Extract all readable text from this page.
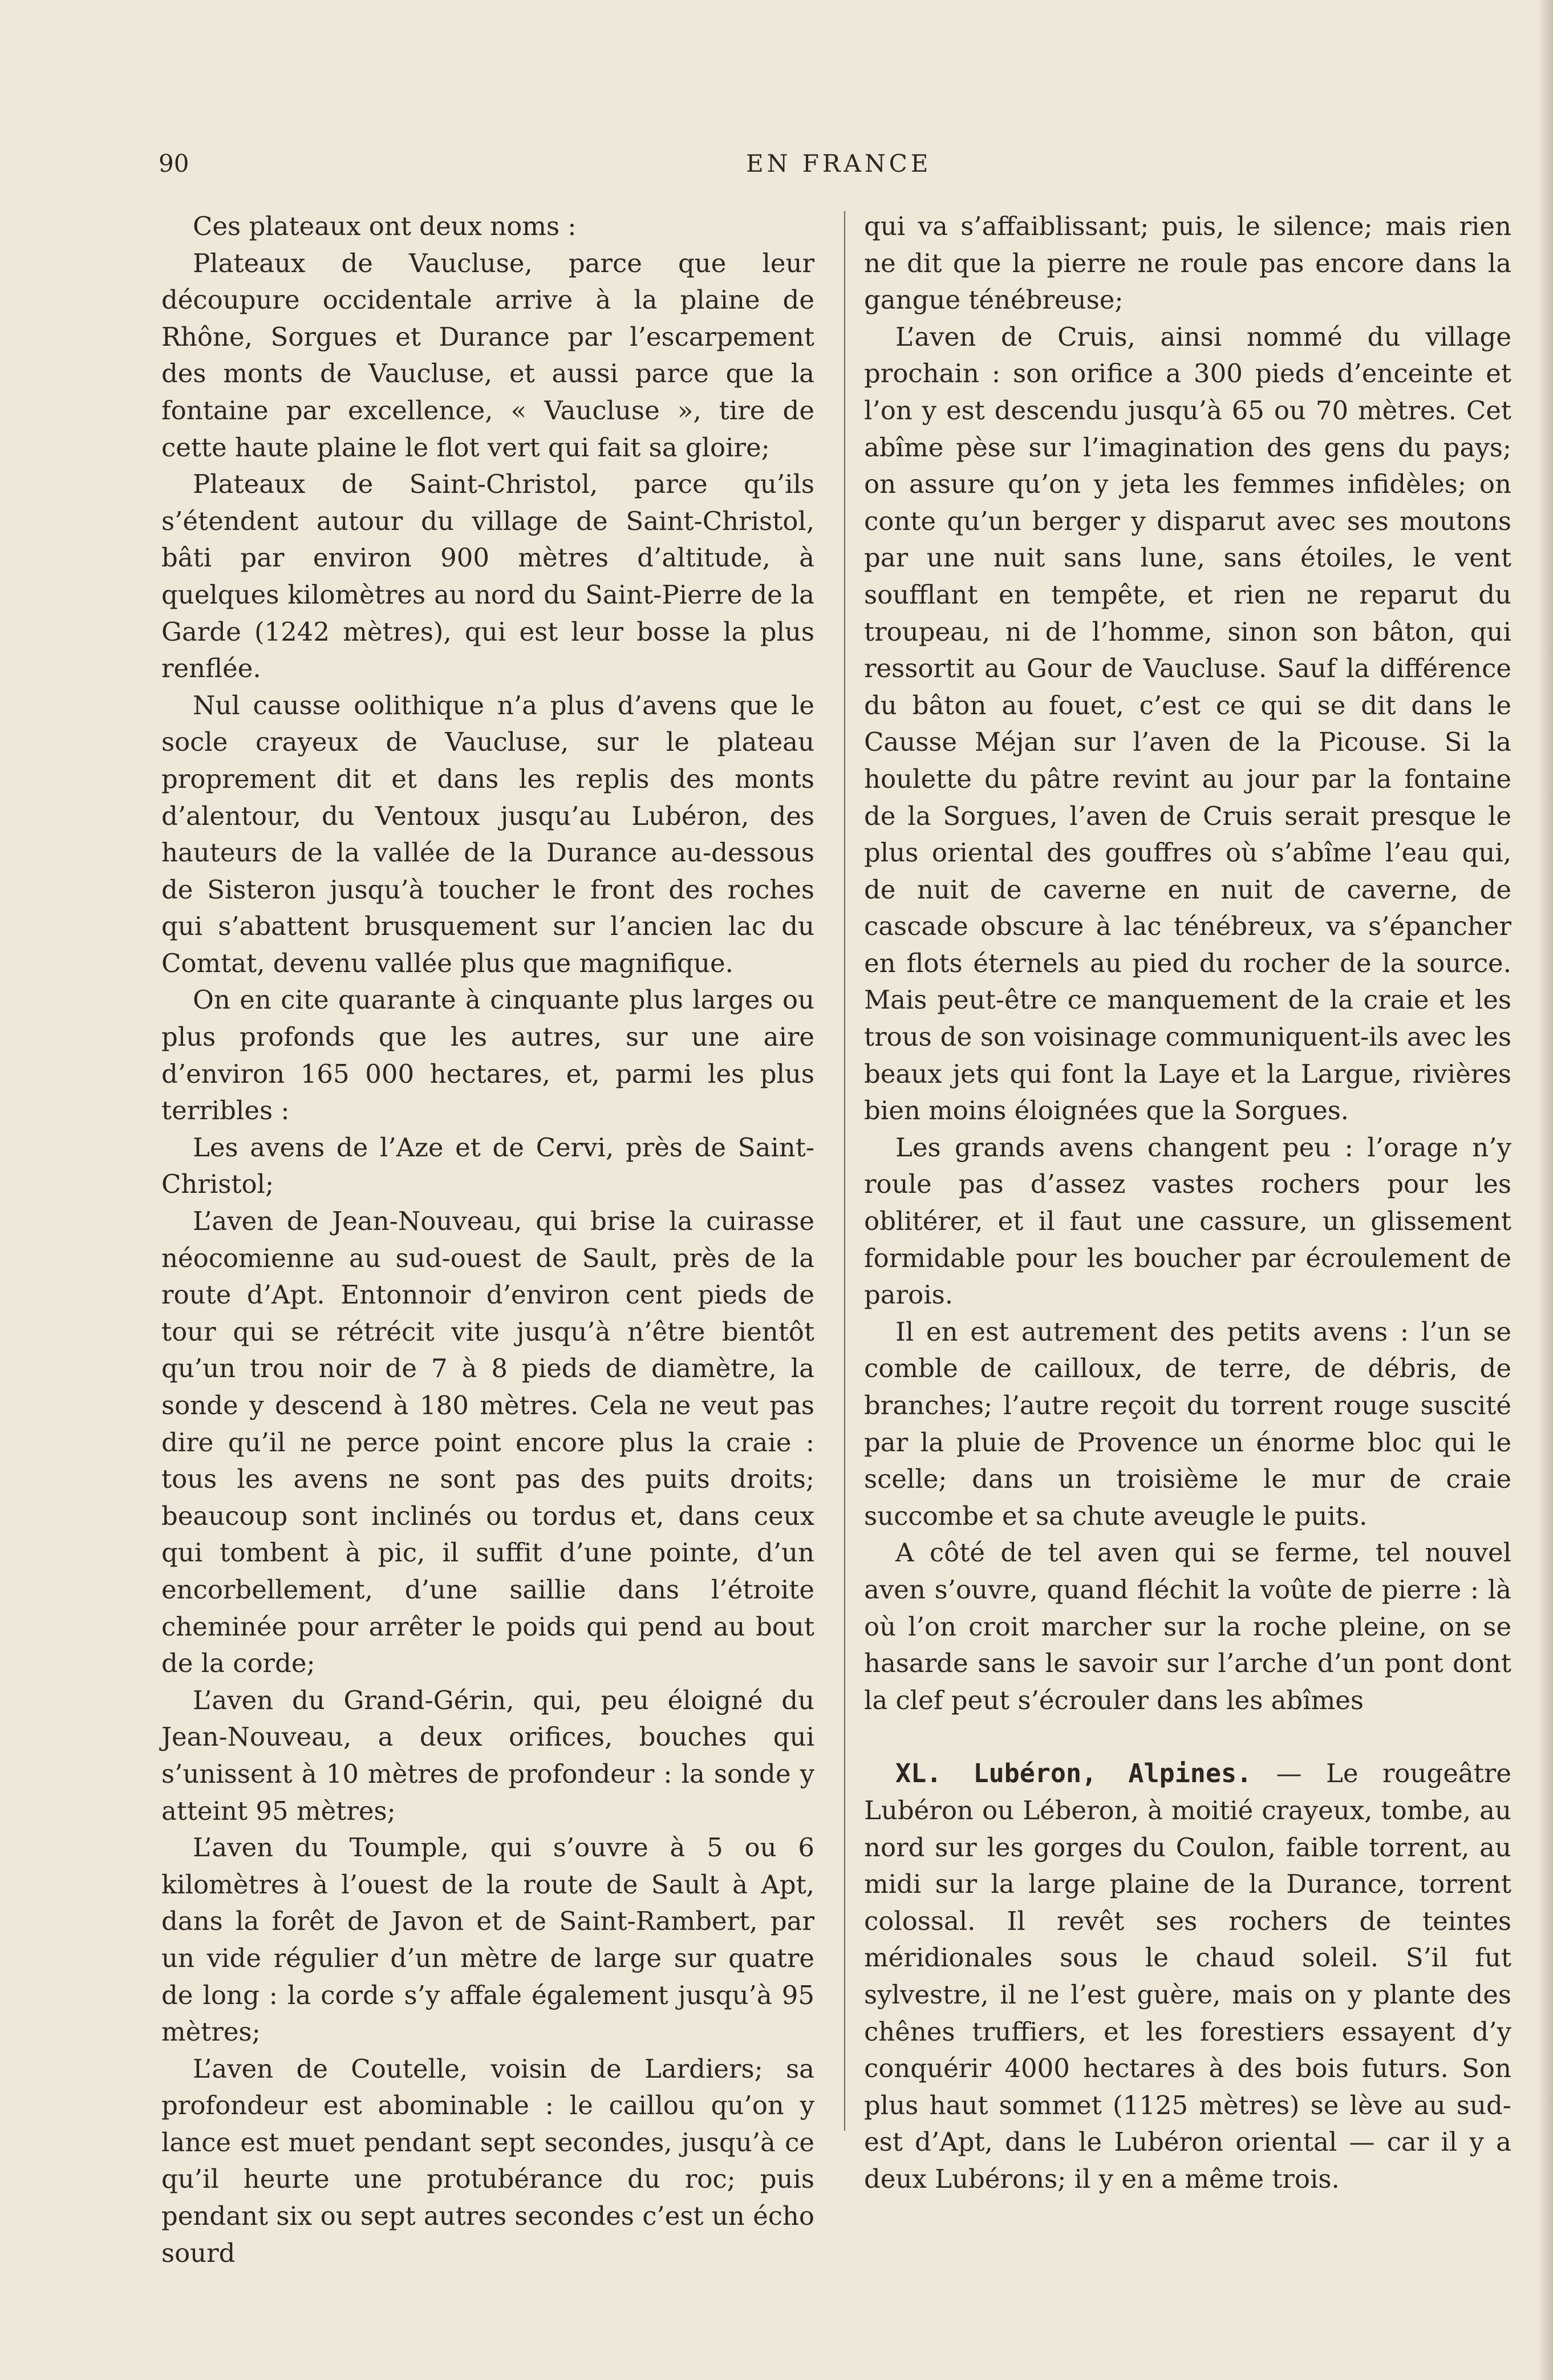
90	EN FRANCE

Ces plateaux ont deux noms :

Plateaux de Vaucluse, parce que leur découpure occidentale arrive à la plaine de Rhône, Sorgues et Durance par l’escarpement des monts de Vaucluse, et aussi parce que la fontaine par excellence, « Vaucluse », tire de cette haute plaine le flot vert qui fait sa gloire;

Plateaux de Saint-Christol, parce qu’ils s’étendent autour du village de Saint-Christol, bâti par environ 900 mètres d’altitude, à quelques kilomètres au nord du Saint-Pierre de la Garde (1242 mètres), qui est leur bosse la plus renflée.

Nul causse oolithique n’a plus d’avens que le socle crayeux de Vaucluse, sur le plateau proprement dit et dans les replis des monts d’alentour, du Ventoux jusqu’au Lubéron, des hauteurs de la vallée de la Durance au-dessous de Sisteron jusqu’à toucher le front des roches qui s’abattent brusquement sur l’ancien lac du Comtat, devenu vallée plus que magnifique.

On en cite quarante à cinquante plus larges ou plus profonds que les autres, sur une aire d’environ 165 000 hectares, et, parmi les plus terribles :

Les avens de l’Aze et de Cervi, près de Saint-Christol;

L’aven de Jean-Nouveau, qui brise la cuirasse néocomienne au sud-ouest de Sault, près de la route d’Apt. Entonnoir d’environ cent pieds de tour qui se rétrécit vite jusqu’à n’être bientôt qu’un trou noir de 7 à 8 pieds de diamètre, la sonde y descend à 180 mètres. Cela ne veut pas dire qu’il ne perce point encore plus la craie : tous les avens ne sont pas des puits droits; beaucoup sont inclinés ou tordus et, dans ceux qui tombent à pic, il suffit d’une pointe, d’un encorbellement, d’une saillie dans l’étroite cheminée pour arrêter le poids qui pend au bout de la corde;

L’aven du Grand-Gérin, qui, peu éloigné du Jean-Nouveau, a deux orifices, bouches qui s’unissent à 10 mètres de profondeur : la sonde y atteint 95 mètres;

L’aven du Toumple, qui s’ouvre à 5 ou 6 kilomètres à l’ouest de la route de Sault à Apt, dans la forêt de Javon et de Saint-Rambert, par un vide régulier d’un mètre de large sur quatre de long : la corde s’y affale également jusqu’à 95 mètres;

L’aven de Coutelle, voisin de Lardiers; sa profondeur est abominable : le caillou qu’on y lance est muet pendant sept secondes, jusqu’à ce qu’il heurte une protubérance du roc; puis pendant six ou sept autres secondes c’est un écho sourd

qui va s’affaiblissant; puis, le silence; mais rien ne dit que la pierre ne roule pas encore dans la gangue ténébreuse;

L’aven de Cruis, ainsi nommé du village prochain : son orifice a 300 pieds d’enceinte et l’on y est descendu jusqu’à 65 ou 70 mètres. Cet abîme pèse sur l’imagination des gens du pays; on assure qu’on y jeta les femmes infidèles; on conte qu’un berger y disparut avec ses moutons par une nuit sans lune, sans étoiles, le vent soufflant en tempête, et rien ne reparut du troupeau, ni de l’homme, sinon son bâton, qui ressortit au Gour de Vaucluse. Sauf la différence du bâton au fouet, c’est ce qui se dit dans le Causse Méjan sur l’aven de la Picouse. Si la houlette du pâtre revint au jour par la fontaine de la Sorgues, l’aven de Cruis serait presque le plus oriental des gouffres où s’abîme l’eau qui, de nuit de caverne en nuit de caverne, de cascade obscure à lac ténébreux, va s’épancher en flots éternels au pied du rocher de la source. Mais peut-être ce manquement de la craie et les trous de son voisinage communiquent-ils avec les beaux jets qui font la Laye et la Largue, rivières bien moins éloignées que la Sorgues.

Les grands avens changent peu : l’orage n’y roule pas d’assez vastes rochers pour les oblitérer, et il faut une cassure, un glissement formidable pour les boucher par écroulement de parois.

Il en est autrement des petits avens : l’un se comble de cailloux, de terre, de débris, de branches; l’autre reçoit du torrent rouge suscité par la pluie de Provence un énorme bloc qui le scelle; dans un troisième le mur de craie succombe et sa chute aveugle le puits.

A côté de tel aven qui se ferme, tel nouvel aven s’ouvre, quand fléchit la voûte de pierre : là où l’on croit marcher sur la roche pleine, on se hasarde sans le savoir sur l’arche d’un pont dont la clef peut s’écrouler dans les abîmes

XL. Lubéron, Alpines. — Le rougeâtre Lubéron ou Léberon, à moitié crayeux, tombe, au nord sur les gorges du Coulon, faible torrent, au midi sur la large plaine de la Durance, torrent colossal. Il revêt ses rochers de teintes méridionales sous le chaud soleil. S’il fut sylvestre, il ne l’est guère, mais on y plante des chênes truffiers, et les forestiers essayent d’y conquérir 4000 hectares à des bois futurs. Son plus haut sommet (1125 mètres) se lève au sud-est d’Apt, dans le Lubéron oriental — car il y a deux Lubérons; il y en a même trois.
